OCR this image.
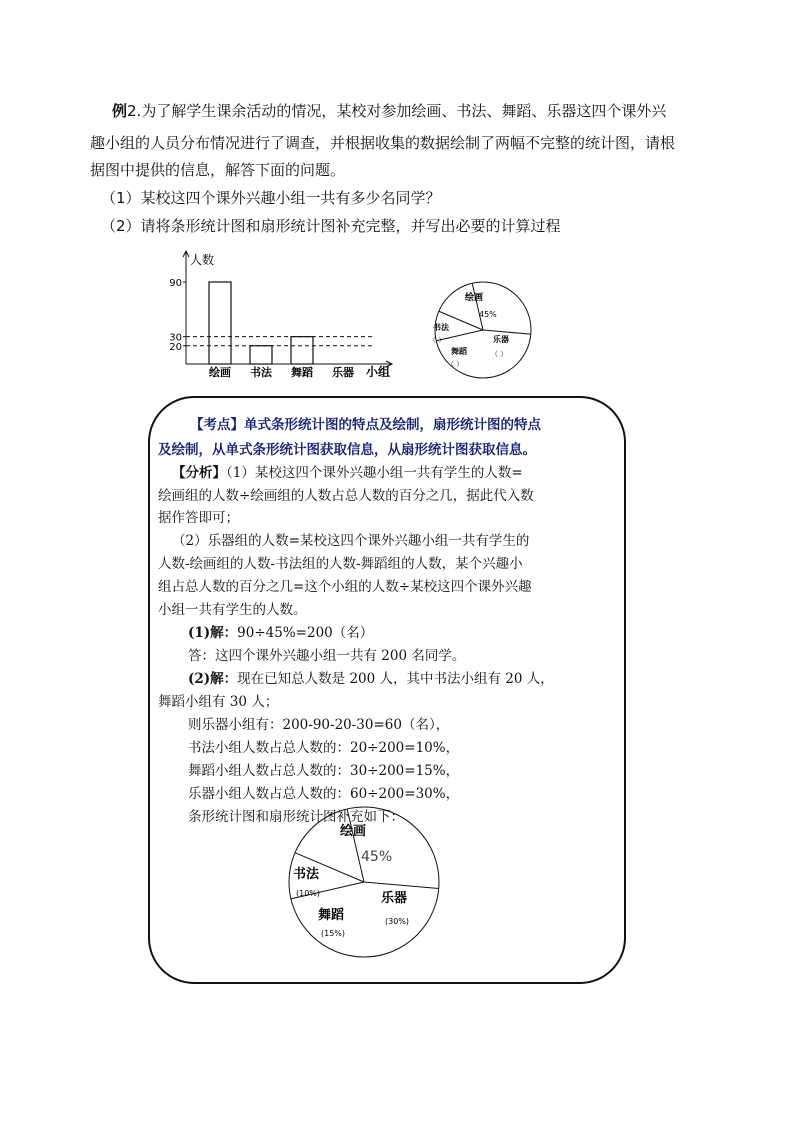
例2.为了解学生课余活动的情况，某校对参加绘画、书法、舞蹈、乐器这四个课外兴
趣小组的人员分布情况进行了调查，并根据收集的数据绘制了两幅不完整的统计图，请根
据图中提供的信息，解答下面的问题。
（1）某校这四个课外兴趣小组一共有多少名同学？
（2）请将条形统计图和扇形统计图补充完整，并写出必要的计算过程
人数
小组
90
30
20
绘画 书法 舞蹈 乐器
绘画
45%
书法
（ ）
舞蹈
（ ）
乐器
（ ）
【考点】单式条形统计图的特点及绘制，扇形统计图的特点
及绘制，从单式条形统计图获取信息，从扇形统计图获取信息。
【分析】（1）某校这四个课外兴趣小组一共有学生的人数=
绘画组的人数÷绘画组的人数占总人数的百分之几，据此代入数
据作答即可；
（2）乐器组的人数=某校这四个课外兴趣小组一共有学生的
人数-绘画组的人数-书法组的人数-舞蹈组的人数，某个兴趣小
组占总人数的百分之几=这个小组的人数÷某校这四个课外兴趣
小组一共有学生的人数。
(1)解：90÷45%=200（名）
答：这四个课外兴趣小组一共有 200 名同学。
(2)解：现在已知总人数是 200 人，其中书法小组有 20 人，
舞蹈小组有 30 人；
则乐器小组有：200-90-20-30=60（名），
书法小组人数占总人数的：20÷200=10%，
舞蹈小组人数占总人数的：30÷200=15%，
乐器小组人数占总人数的：60÷200=30%，
条形统计图和扇形统计图补充如下：
绘画
45%
书法
(10%)
舞蹈
(15%)
乐器
(30%)
